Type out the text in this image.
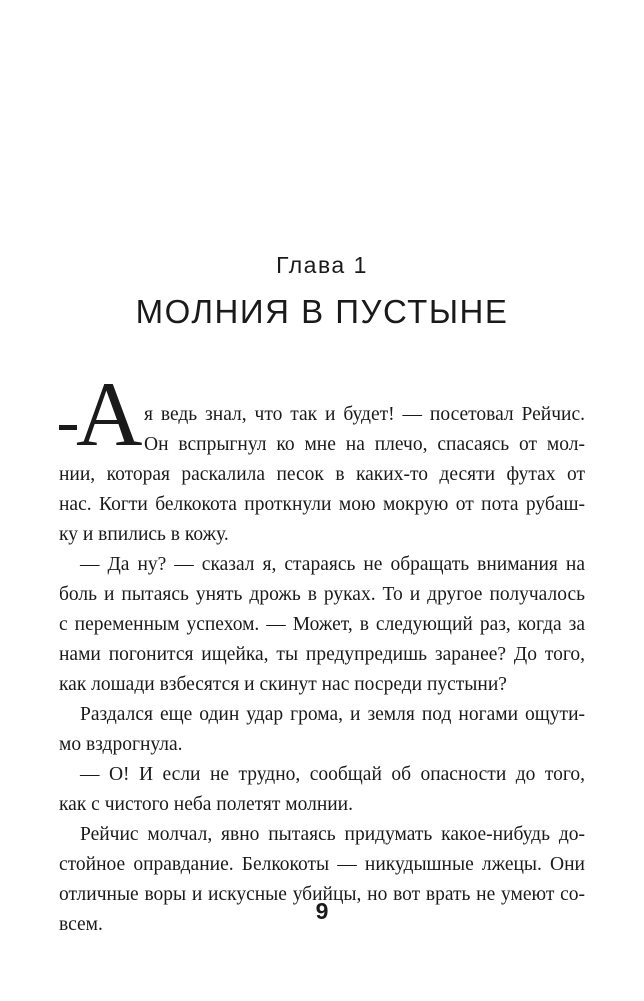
Глава 1
МОЛНИЯ В ПУСТЫНЕ
А я ведь знал, что так и будет! — посетовал Рейчис.
Он вспрыгнул ко мне на плечо, спасаясь от мол-
нии, которая раскалила песок в каких-то десяти футах от
нас. Когти белкокота проткнули мою мокрую от пота рубаш-
ку и впились в кожу.
— Да ну? — сказал я, стараясь не обращать внимания на
боль и пытаясь унять дрожь в руках. То и другое получалось
с переменным успехом. — Может, в следующий раз, когда за
нами погонится ищейка, ты предупредишь заранее? До того,
как лошади взбесятся и скинут нас посреди пустыни?
Раздался еще один удар грома, и земля под ногами ощути-
мо вздрогнула.
— О! И если не трудно, сообщай об опасности до того,
как с чистого неба полетят молнии.
Рейчис молчал, явно пытаясь придумать какое-нибудь до-
стойное оправдание. Белкокоты — никудышные лжецы. Они
отличные воры и искусные убийцы, но вот врать не умеют со-
всем.
9
